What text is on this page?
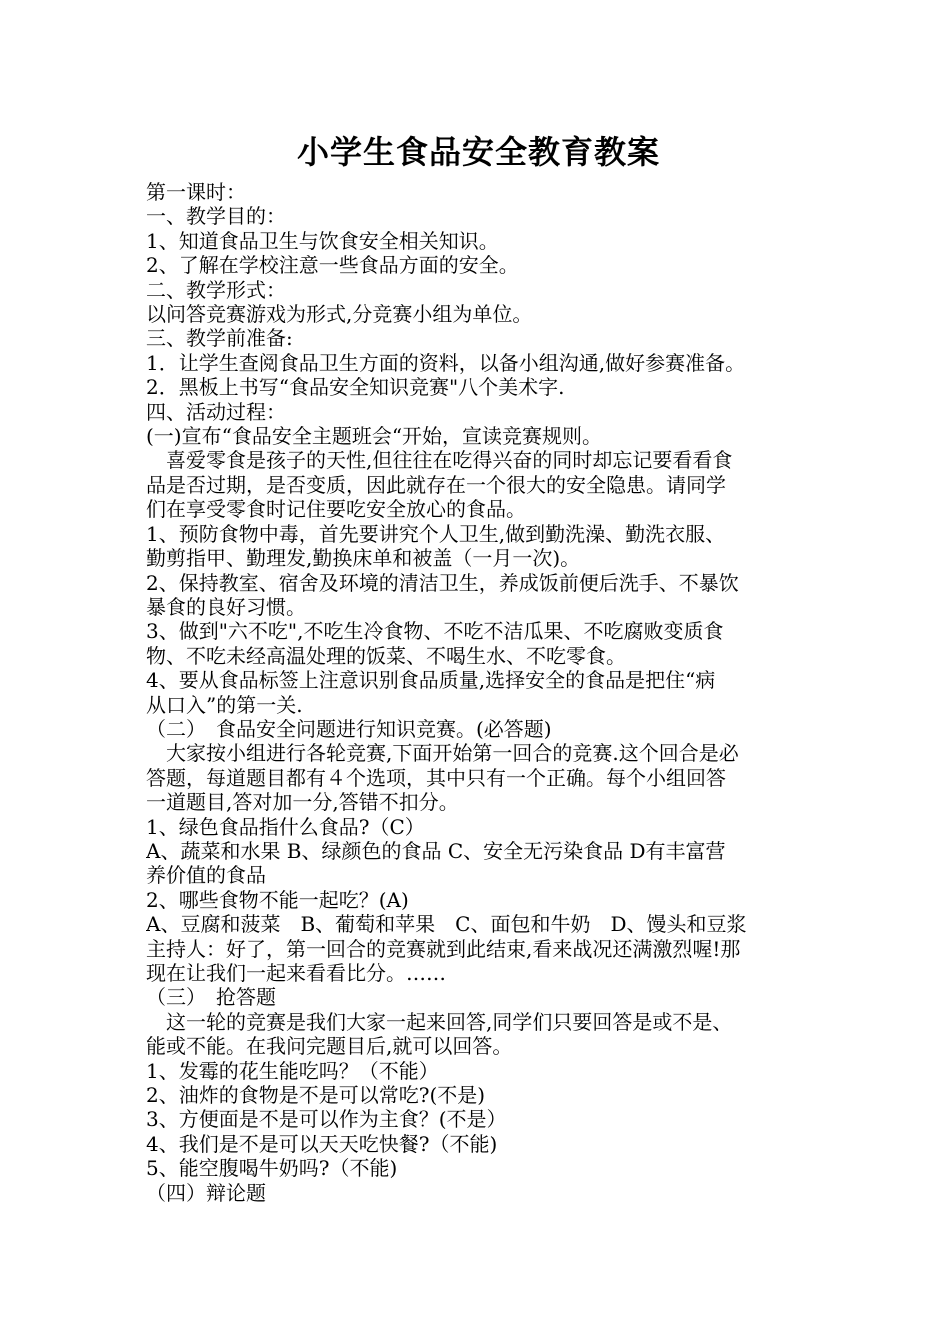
小学生食品安全教育教案
第一课时：
一、教学目的：
1、知道食品卫生与饮食安全相关知识。
2、了解在学校注意一些食品方面的安全。
二、教学形式：
以问答竞赛游戏为形式,分竞赛小组为单位。
三、教学前准备:
1．让学生查阅食品卫生方面的资料，以备小组沟通,做好参赛准备。
2．黑板上书写“食品安全知识竞赛"八个美术字.
四、活动过程：
(一)宣布“食品安全主题班会“开始，宣读竞赛规则。
　喜爱零食是孩子的天性,但往往在吃得兴奋的同时却忘记要看看食
品是否过期，是否变质，因此就存在一个很大的安全隐患。请同学
们在享受零食时记住要吃安全放心的食品。
1、预防食物中毒，首先要讲究个人卫生,做到勤洗澡、勤洗衣服、
勤剪指甲、勤理发,勤换床单和被盖（一月一次)。
2、保持教室、宿舍及环境的清洁卫生，养成饭前便后洗手、不暴饮
暴食的良好习惯。
3、做到"六不吃",不吃生冷食物、不吃不洁瓜果、不吃腐败变质食
物、不吃未经高温处理的饭菜、不喝生水、不吃零食。
4、要从食品标签上注意识别食品质量,选择安全的食品是把住“病
从口入”的第一关.
（二）　食品安全问题进行知识竞赛。(必答题)
　大家按小组进行各轮竞赛,下面开始第一回合的竞赛.这个回合是必
答题，每道题目都有４个选项，其中只有一个正确。每个小组回答
一道题目,答对加一分,答错不扣分。
1、绿色食品指什么食品?（C）
A、蔬菜和水果 B、绿颜色的食品 C、安全无污染食品 D有丰富营
养价值的食品
2、哪些食物不能一起吃？(A)
A、豆腐和菠菜　B、葡萄和苹果　C、面包和牛奶　D、馒头和豆浆
主持人：好了，第一回合的竞赛就到此结束,看来战况还满激烈喔!那
现在让我们一起来看看比分。……
（三）　抢答题
　这一轮的竞赛是我们大家一起来回答,同学们只要回答是或不是、
能或不能。在我问完题目后,就可以回答。
1、发霉的花生能吃吗？（不能）
2、油炸的食物是不是可以常吃?(不是)
3、方便面是不是可以作为主食？(不是）
4、我们是不是可以天天吃快餐?（不能)
5、能空腹喝牛奶吗?（不能)
（四）辩论题
